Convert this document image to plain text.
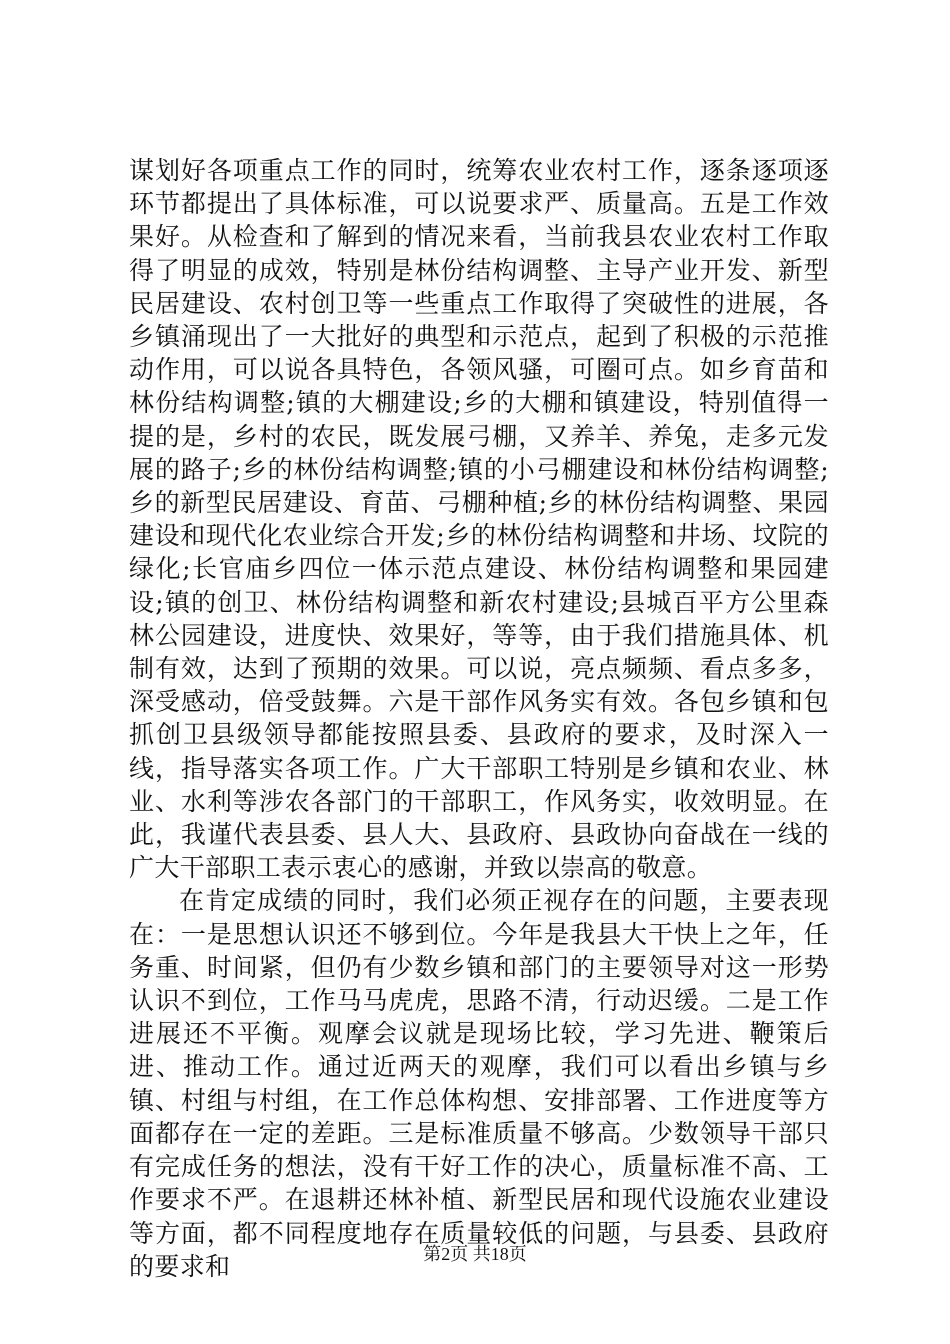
谋划好各项重点工作的同时，统筹农业农村工作，逐条逐项逐环节都提出了具体标准，可以说要求严、质量高。五是工作效果好。从检查和了解到的情况来看，当前我县农业农村工作取得了明显的成效，特别是林份结构调整、主导产业开发、新型民居建设、农村创卫等一些重点工作取得了突破性的进展，各乡镇涌现出了一大批好的典型和示范点，起到了积极的示范推动作用，可以说各具特色，各领风骚，可圈可点。如乡育苗和林份结构调整;镇的大棚建设;乡的大棚和镇建设，特别值得一提的是，乡村的农民，既发展弓棚，又养羊、养兔，走多元发展的路子;乡的林份结构调整;镇的小弓棚建设和林份结构调整;乡的新型民居建设、育苗、弓棚种植;乡的林份结构调整、果园建设和现代化农业综合开发;乡的林份结构调整和井场、坟院的绿化;长官庙乡四位一体示范点建设、林份结构调整和果园建设;镇的创卫、林份结构调整和新农村建设;县城百平方公里森林公园建设，进度快、效果好，等等，由于我们措施具体、机制有效，达到了预期的效果。可以说，亮点频频、看点多多，深受感动，倍受鼓舞。六是干部作风务实有效。各包乡镇和包抓创卫县级领导都能按照县委、县政府的要求，及时深入一线，指导落实各项工作。广大干部职工特别是乡镇和农业、林业、水利等涉农各部门的干部职工，作风务实，收效明显。在此，我谨代表县委、县人大、县政府、县政协向奋战在一线的广大干部职工表示衷心的感谢，并致以崇高的敬意。

在肯定成绩的同时，我们必须正视存在的问题，主要表现在：一是思想认识还不够到位。今年是我县大干快上之年，任务重、时间紧，但仍有少数乡镇和部门的主要领导对这一形势认识不到位，工作马马虎虎，思路不清，行动迟缓。二是工作进展还不平衡。观摩会议就是现场比较，学习先进、鞭策后进、推动工作。通过近两天的观摩，我们可以看出乡镇与乡镇、村组与村组，在工作总体构想、安排部署、工作进度等方面都存在一定的差距。三是标准质量不够高。少数领导干部只有完成任务的想法，没有干好工作的决心，质量标准不高、工作要求不严。在退耕还林补植、新型民居和现代设施农业建设等方面，都不同程度地存在质量较低的问题，与县委、县政府的要求和	第2页 共18页
